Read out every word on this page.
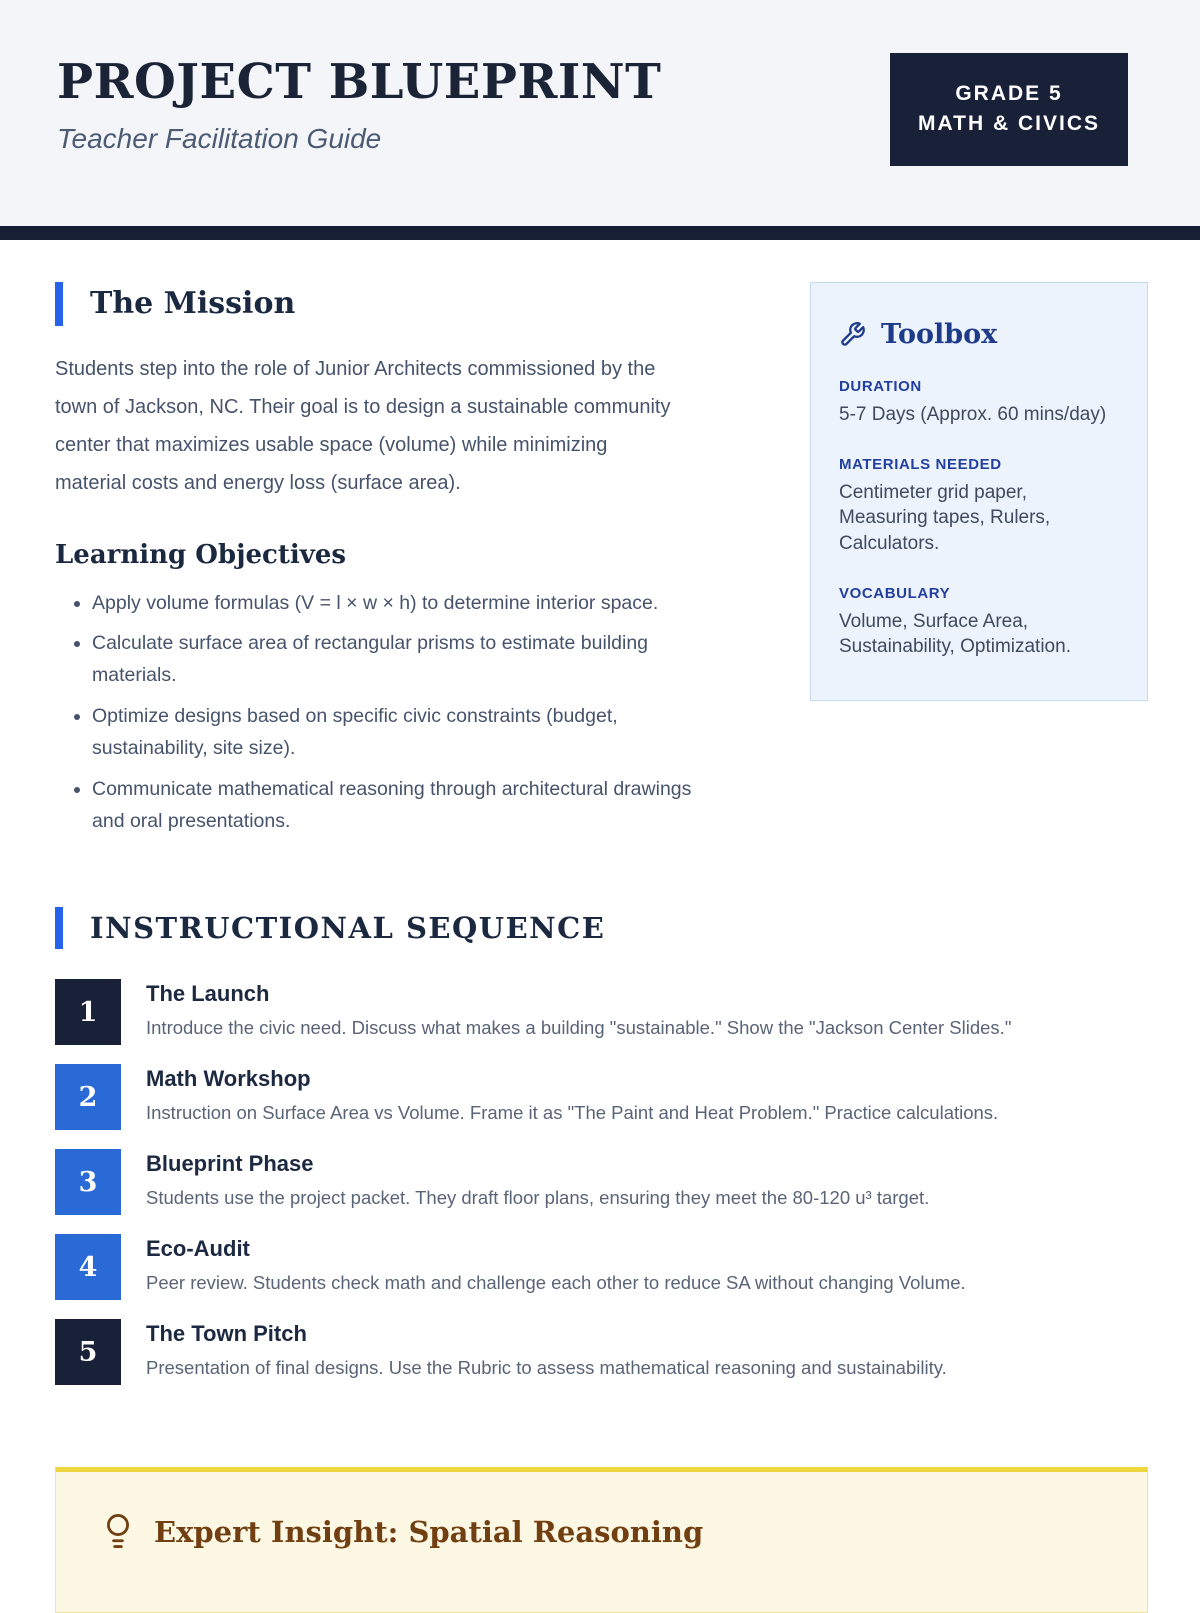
PROJECT BLUEPRINT
Teacher Facilitation Guide
GRADE 5
MATH & CIVICS
The Mission

Students step into the role of Junior Architects commissioned by the town of Jackson, NC. Their goal is to design a sustainable community center that maximizes usable space (volume) while minimizing material costs and energy loss (surface area).

Learning Objectives
• Apply volume formulas (V = l × w × h) to determine interior space.
• Calculate surface area of rectangular prisms to estimate building materials.
• Optimize designs based on specific civic constraints (budget, sustainability, site size).
• Communicate mathematical reasoning through architectural drawings and oral presentations.
Toolbox
DURATION
5-7 Days (Approx. 60 mins/day)
MATERIALS NEEDED
Centimeter grid paper, Measuring tapes, Rulers, Calculators.
VOCABULARY
Volume, Surface Area, Sustainability, Optimization.
INSTRUCTIONAL SEQUENCE
1
The Launch
Introduce the civic need. Discuss what makes a building "sustainable." Show the "Jackson Center Slides."
2
Math Workshop
Instruction on Surface Area vs Volume. Frame it as "The Paint and Heat Problem." Practice calculations.
3
Blueprint Phase
Students use the project packet. They draft floor plans, ensuring they meet the 80-120 u³ target.
4
Eco-Audit
Peer review. Students check math and challenge each other to reduce SA without changing Volume.
5
The Town Pitch
Presentation of final designs. Use the Rubric to assess mathematical reasoning and sustainability.
Expert Insight: Spatial Reasoning
